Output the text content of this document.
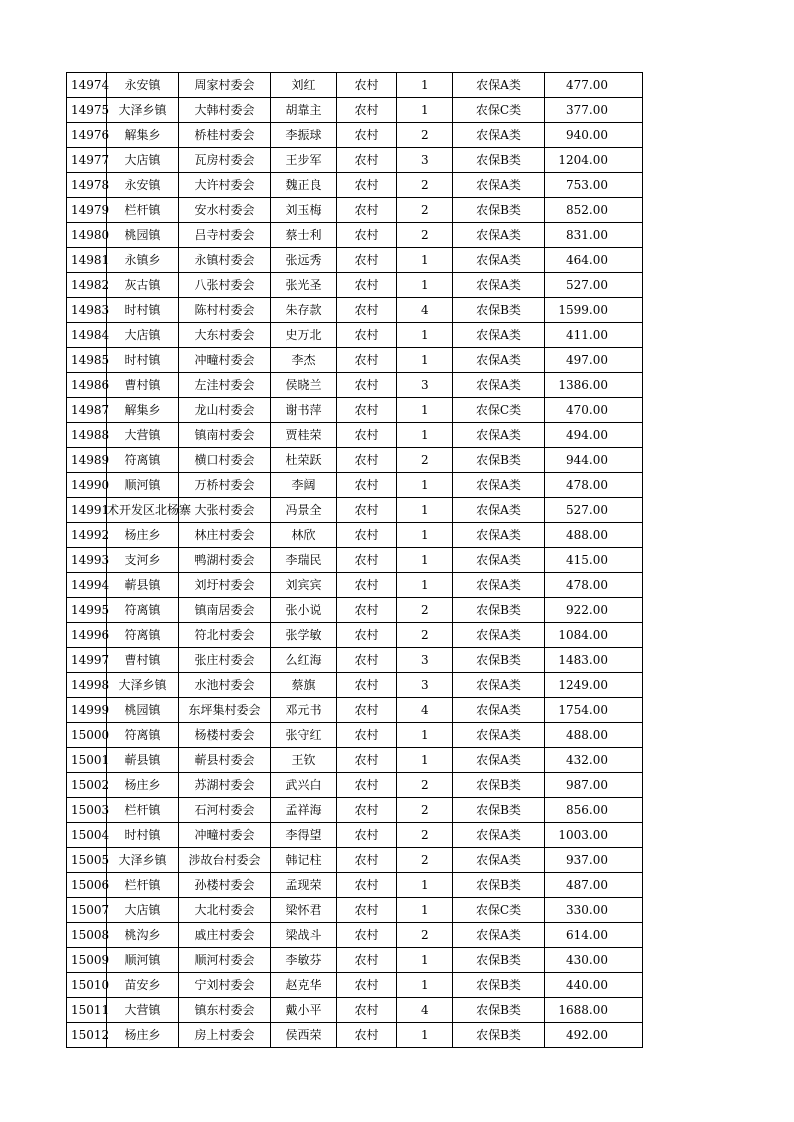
14974	永安镇	周家村委会	刘红	农村	1	农保A类	477.00
14975	大泽乡镇	大韩村委会	胡靠主	农村	1	农保C类	377.00
14976	解集乡	桥桂村委会	李振球	农村	2	农保A类	940.00
14977	大店镇	瓦房村委会	王步军	农村	3	农保B类	1204.00
14978	永安镇	大许村委会	魏正良	农村	2	农保A类	753.00
14979	栏杆镇	安水村委会	刘玉梅	农村	2	农保B类	852.00
14980	桃园镇	吕寺村委会	蔡士利	农村	2	农保A类	831.00
14981	永镇乡	永镇村委会	张远秀	农村	1	农保A类	464.00
14982	灰古镇	八张村委会	张光圣	农村	1	农保A类	527.00
14983	时村镇	陈村村委会	朱存款	农村	4	农保B类	1599.00
14984	大店镇	大东村委会	史万北	农村	1	农保A类	411.00
14985	时村镇	冲疃村委会	李杰	农村	1	农保A类	497.00
14986	曹村镇	左洼村委会	侯晓兰	农村	3	农保A类	1386.00
14987	解集乡	龙山村委会	谢书萍	农村	1	农保C类	470.00
14988	大营镇	镇南村委会	贾桂荣	农村	1	农保A类	494.00
14989	符离镇	横口村委会	杜荣跃	农村	2	农保B类	944.00
14990	顺河镇	万桥村委会	李阔	农村	1	农保A类	478.00
14991	术开发区北杨寨	大张村委会	冯景全	农村	1	农保A类	527.00
14992	杨庄乡	林庄村委会	林欣	农村	1	农保A类	488.00
14993	支河乡	鸭湖村委会	李瑞民	农村	1	农保A类	415.00
14994	蕲县镇	刘圩村委会	刘宾宾	农村	1	农保A类	478.00
14995	符离镇	镇南居委会	张小说	农村	2	农保B类	922.00
14996	符离镇	符北村委会	张学敏	农村	2	农保A类	1084.00
14997	曹村镇	张庄村委会	么红海	农村	3	农保B类	1483.00
14998	大泽乡镇	水池村委会	蔡旗	农村	3	农保A类	1249.00
14999	桃园镇	东坪集村委会	邓元书	农村	4	农保A类	1754.00
15000	符离镇	杨楼村委会	张守红	农村	1	农保A类	488.00
15001	蕲县镇	蕲县村委会	王钦	农村	1	农保A类	432.00
15002	杨庄乡	苏湖村委会	武兴白	农村	2	农保B类	987.00
15003	栏杆镇	石河村委会	孟祥海	农村	2	农保B类	856.00
15004	时村镇	冲疃村委会	李得望	农村	2	农保A类	1003.00
15005	大泽乡镇	涉故台村委会	韩记柱	农村	2	农保A类	937.00
15006	栏杆镇	孙楼村委会	孟现荣	农村	1	农保B类	487.00
15007	大店镇	大北村委会	梁怀君	农村	1	农保C类	330.00
15008	桃沟乡	戚庄村委会	梁战斗	农村	2	农保A类	614.00
15009	顺河镇	顺河村委会	李敏芬	农村	1	农保B类	430.00
15010	苗安乡	宁刘村委会	赵克华	农村	1	农保B类	440.00
15011	大营镇	镇东村委会	戴小平	农村	4	农保B类	1688.00
15012	杨庄乡	房上村委会	侯西荣	农村	1	农保B类	492.00
